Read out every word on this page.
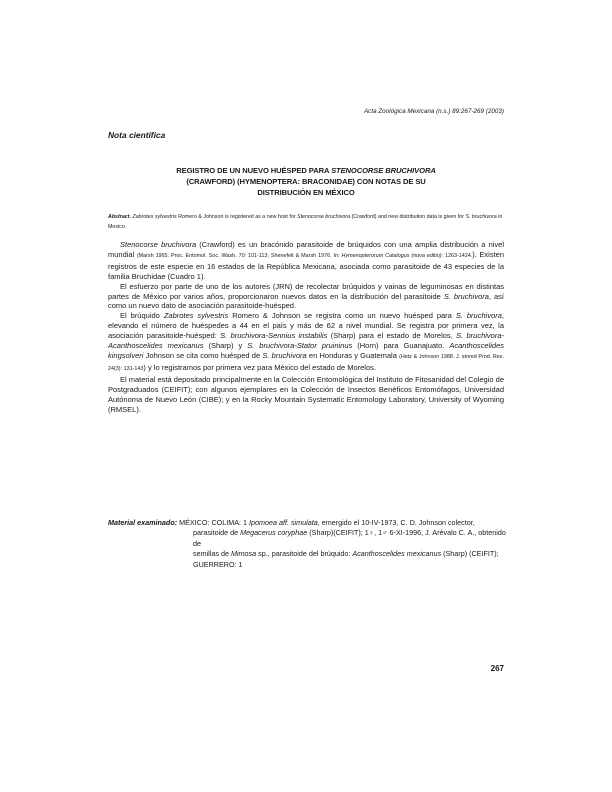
Acta Zoológica Mexicana (n.s.) 89:267-269 (2003)
Nota científica
REGISTRO DE UN NUEVO HUÉSPED PARA STENOCORSE BRUCHIVORA
(CRAWFORD) (HYMENOPTERA: BRACONIDAE) CON NOTAS DE SU
DISTRIBUCIÓN EN MÉXICO
Abstract. Zabrotes sylvestris Romero & Johnson is registered as a new host for Stenocorse bruchivora (Crawford) and new distribution data is given for S. bruchivora in Mexico.

Stenocorse bruchivora (Crawford) es un bracónido parasitoide de brúquidos con una amplia distribución a nivel mundial (Marsh 1965. Proc. Entomol. Soc. Wash. 70: 101-113; Shenefelt & Marsh 1976. In: Hymenopterorum Catalogus (nova editio): 1263-1424.). Existen registros de este especie en 16 estados de la República Mexicana, asociada como parasitoide de 43 especies de la familia Bruchidae (Cuadro 1).

El esfuerzo por parte de uno de los autores (JRN) de recolectar brúquidos y vainas de leguminosas en distintas partes de México por varios años, proporcionaron nuevos datos en la distribución del parasitoide S. bruchivora, así como un nuevo dato de asociación parasitoide-huésped.

El brúquido Zabrotes sylvestris Romero & Johnson se registra como un nuevo huésped para S. bruchivora, elevando el número de huéspedes a 44 en el país y más de 62 a nivel mundial. Se registra por primera vez, la asociación parasitoide-huésped: S. bruchivora-Sennius instabilis (Sharp) para el estado de Morelos, S. bruchivora-Acanthoscelides mexicanus (Sharp) y S. bruchivora-Stator pruininus (Horn) para Guanajuato. Acanthoscelides kingsolveri Johnson se cita como huésped de S. bruchivora en Honduras y Guatemala (Hetz & Johnson 1988. J. stored Prod. Res. 24(3): 131-143) y lo registramos por primera vez para México del estado de Morelos.

El material está depositado principalmente en la Colección Entomológica del Instituto de Fitosanidad del Colegio de Postgraduados (CEIFIT); con algunos ejemplares en la Colección de Insectos Benéficos Entomófagos, Universidad Autónoma de Nuevo León (CIBE); y en la Rocky Mountain Systematic Entomology Laboratory, University of Wyoming (RMSEL).

Material examinado: MÉXICO: COLIMA: 1 Ipomoea aff. simulata, emergido el 10-IV-1973, C. D. Johnson colector,
parasitoide de Megacerus coryphae (Sharp)(CEIFIT); 1♀, 1♂ 6-XI-1996, J. Arévalo C. A., obtenido de
semillas de Mimosa sp., parasitoide del brúquido: Acanthoscelides mexicanus (Sharp) (CEIFIT);
GUERRERO: 1
267
